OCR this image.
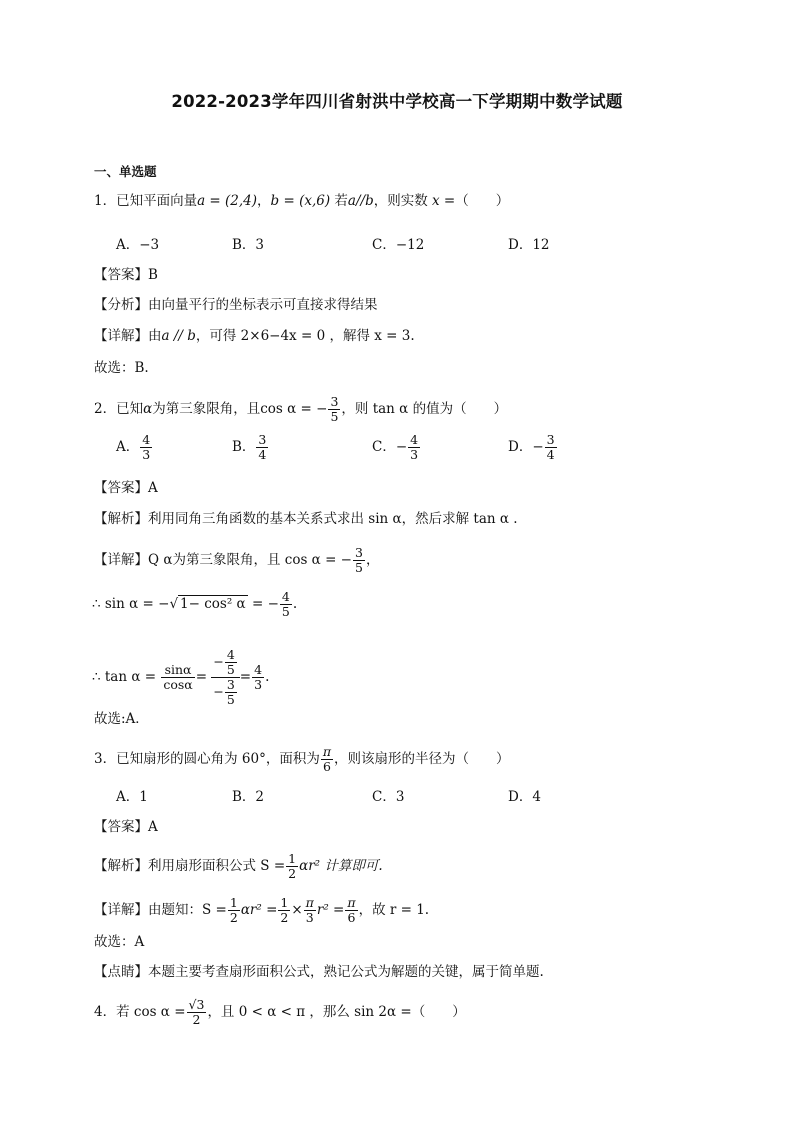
2022-2023学年四川省射洪中学校高一下学期期中数学试题
一、单选题
1．已知平面向量a = (2,4)，b = (x,6) 若a//b，则实数 x =（　　）
A．−3	B．3	C．−12	D．12
【答案】B
【分析】由向量平行的坐标表示可直接求得结果
【详解】由a // b，可得 2×6−4x = 0 ，解得 x = 3.
故选：B.
2．已知α为第三象限角，且cos α = − $\frac{3}{5}$ ，则 tan α 的值为（　　）
A． $\frac{4}{3}$	B． $\frac{3}{4}$	C．− $\frac{4}{3}$	D．− $\frac{3}{4}$
【答案】A
【解析】利用同角三角函数的基本关系式求出 sin α，然后求解 tan α .
【详解】Q α为第三象限角，且 cos α = − $\frac{3}{5}$ ，
∴ sin α = −√ 1− cos² α = − $\frac{4}{5}$ .
∴ $\tan \alpha = \frac{\sin\alpha}{\cos\alpha} = \frac{- \frac{4}{5}}{- \frac{3}{5}} = \frac{4}{3}$ .
故选:A．
3．已知扇形的圆心角为 60°，面积为 $\frac{\pi}{6}$ ，则该扇形的半径为（　　）
A．1	B．2	C．3	D．4
【答案】A
【解析】利用扇形面积公式 $S = \frac{1}{2} \alpha r^2$ 计算即可.
【详解】由题知：$S = \frac{1}{2} \alpha r^2 = \frac{1}{2} \times \frac{\pi}{3} r^2 = \frac{\pi}{6}$ ，故 r = 1.
故选：A
【点睛】本题主要考查扇形面积公式，熟记公式为解题的关键，属于简单题.
4．若 $\cos \alpha = \frac{√3}{2}$ ，且 0 < α < π ，那么 sin 2α =（　　）
